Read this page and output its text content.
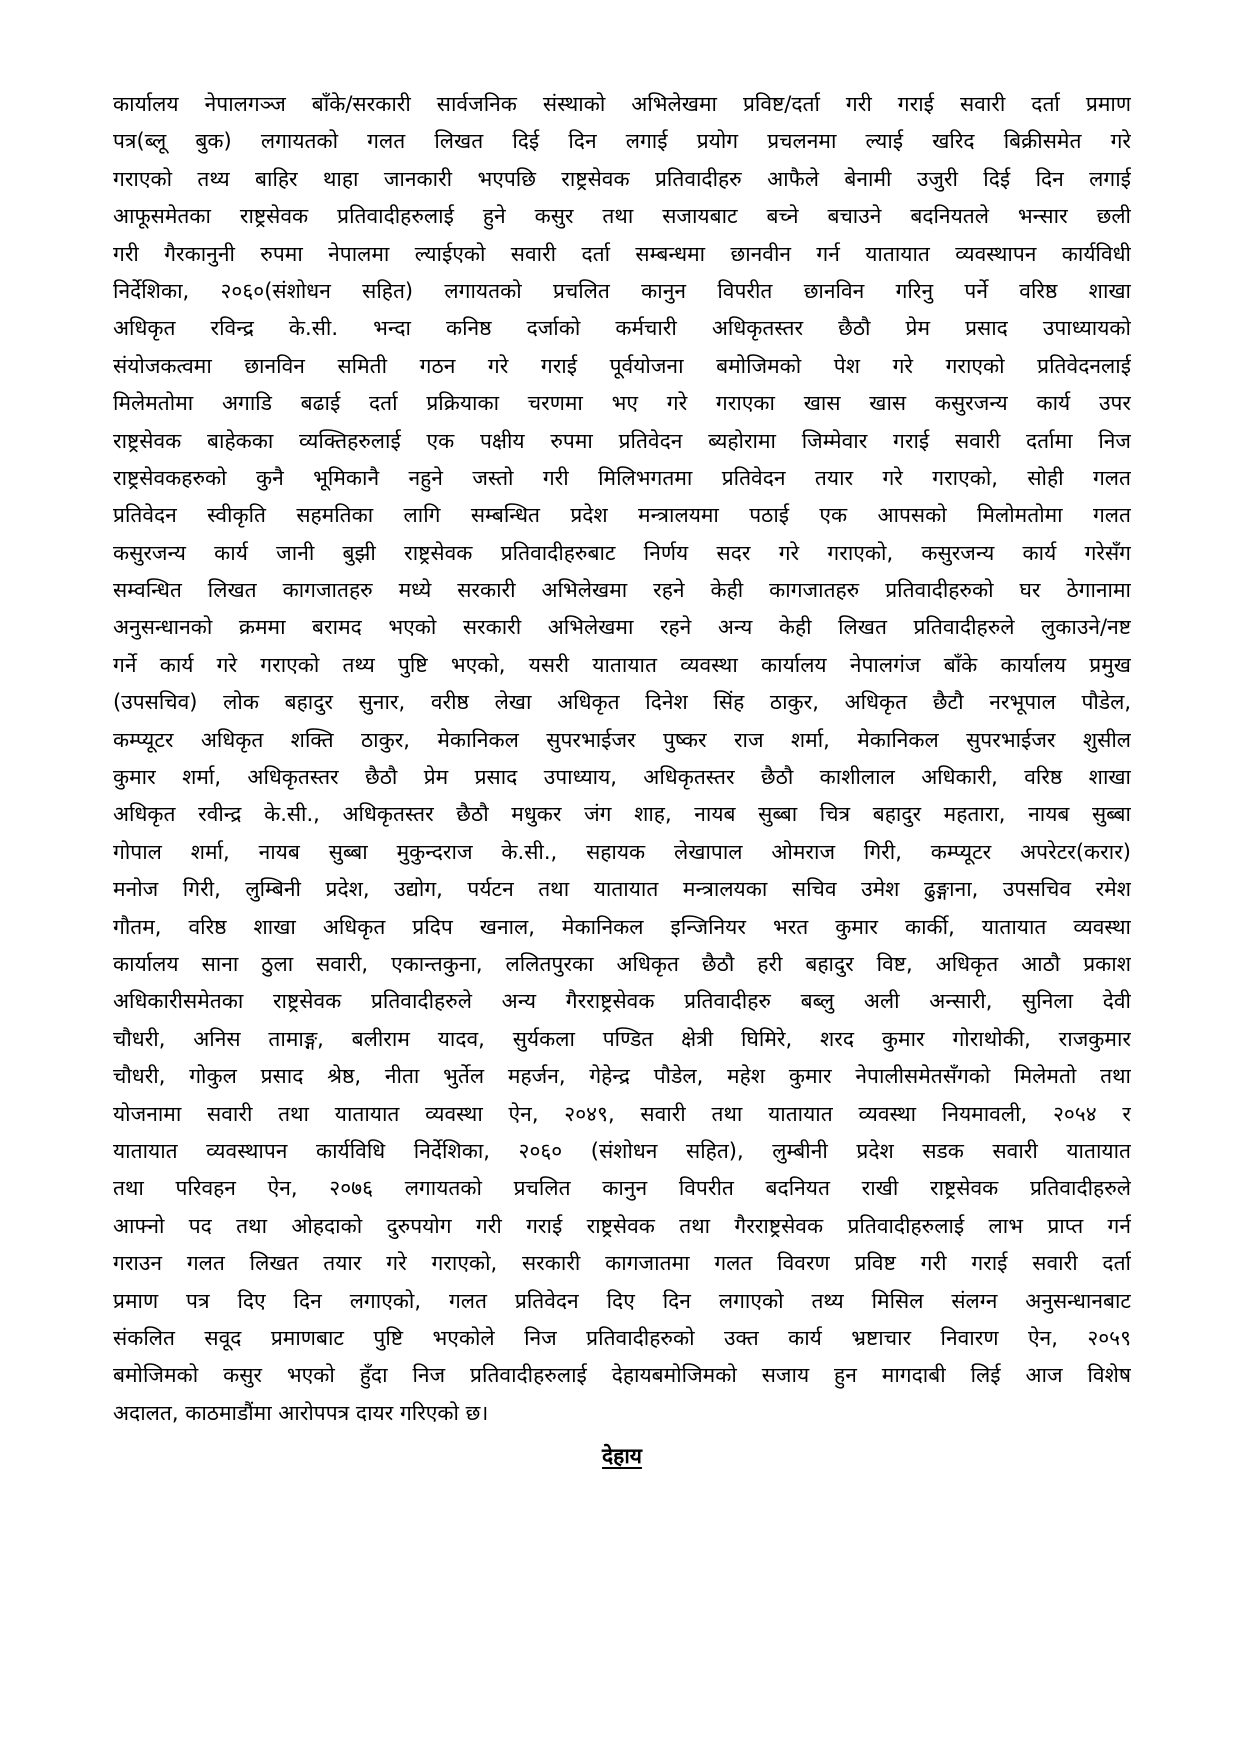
कार्यालय नेपालगञ्ज बाँके/सरकारी सार्वजनिक संस्थाको अभिलेखमा प्रविष्ट/दर्ता गरी गराई सवारी दर्ता प्रमाण
पत्र(ब्लू बुक) लगायतको गलत लिखत दिई दिन लगाई प्रयोग प्रचलनमा ल्याई खरिद बिक्रीसमेत गरे
गराएको तथ्य बाहिर थाहा जानकारी भएपछि राष्ट्रसेवक प्रतिवादीहरु आफैले बेनामी उजुरी दिई दिन लगाई
आफूसमेतका राष्ट्रसेवक प्रतिवादीहरुलाई हुने कसुर तथा सजायबाट बच्ने बचाउने बदनियतले भन्सार छली
गरी गैरकानुनी रुपमा नेपालमा ल्याईएको सवारी दर्ता सम्बन्धमा छानवीन गर्न यातायात व्यवस्थापन कार्यविधी
निर्देशिका, २०६०(संशोधन सहित) लगायतको प्रचलित कानुन विपरीत छानविन गरिनु पर्ने वरिष्ठ शाखा
अधिकृत रविन्द्र के.सी. भन्दा कनिष्ठ दर्जाको कर्मचारी अधिकृतस्तर छैठौ प्रेम प्रसाद उपाध्यायको
संयोजकत्वमा छानविन समिती गठन गरे गराई पूर्वयोजना बमोजिमको पेश गरे गराएको प्रतिवेदनलाई
मिलेमतोमा अगाडि बढाई दर्ता प्रक्रियाका चरणमा भए गरे गराएका खास खास कसुरजन्य कार्य उपर
राष्ट्रसेवक बाहेकका व्यक्तिहरुलाई एक पक्षीय रुपमा प्रतिवेदन ब्यहोरामा जिम्मेवार गराई सवारी दर्तामा निज
राष्ट्रसेवकहरुको कुनै भूमिकानै नहुने जस्तो गरी मिलिभगतमा प्रतिवेदन तयार गरे गराएको, सोही गलत
प्रतिवेदन स्वीकृति सहमतिका लागि सम्बन्धित प्रदेश मन्त्रालयमा पठाई एक आपसको मिलोमतोमा गलत
कसुरजन्य कार्य जानी बुझी राष्ट्रसेवक प्रतिवादीहरुबाट निर्णय सदर गरे गराएको, कसुरजन्य कार्य गरेसँग
सम्वन्धित लिखत कागजातहरु मध्ये सरकारी अभिलेखमा रहने केही कागजातहरु प्रतिवादीहरुको घर ठेगानामा
अनुसन्धानको क्रममा बरामद भएको सरकारी अभिलेखमा रहने अन्य केही लिखत प्रतिवादीहरुले लुकाउने/नष्ट
गर्ने कार्य गरे गराएको तथ्य पुष्टि भएको, यसरी यातायात व्यवस्था कार्यालय नेपालगंज बाँके कार्यालय प्रमुख
(उपसचिव) लोक बहादुर सुनार, वरीष्ठ लेखा अधिकृत दिनेश सिंह ठाकुर, अधिकृत छैटौ नरभूपाल पौडेल,
कम्प्यूटर अधिकृत शक्ति ठाकुर, मेकानिकल सुपरभाईजर पुष्कर राज शर्मा, मेकानिकल सुपरभाईजर शुसील
कुमार शर्मा, अधिकृतस्तर छैठौ प्रेम प्रसाद उपाध्याय, अधिकृतस्तर छैठौ काशीलाल अधिकारी, वरिष्ठ शाखा
अधिकृत रवीन्द्र के.सी., अधिकृतस्तर छैठौ मधुकर जंग शाह, नायब सुब्बा चित्र बहादुर महतारा, नायब सुब्बा
गोपाल शर्मा, नायब सुब्बा मुकुन्दराज के.सी., सहायक लेखापाल ओमराज गिरी, कम्प्यूटर अपरेटर(करार)
मनोज गिरी, लुम्बिनी प्रदेश, उद्योग, पर्यटन तथा यातायात मन्त्रालयका सचिव उमेश ढुङ्गाना, उपसचिव रमेश
गौतम, वरिष्ठ शाखा अधिकृत प्रदिप खनाल, मेकानिकल इन्जिनियर भरत कुमार कार्की, यातायात व्यवस्था
कार्यालय साना ठुला सवारी, एकान्तकुना, ललितपुरका अधिकृत छैठौ हरी बहादुर विष्ट, अधिकृत आठौ प्रकाश
अधिकारीसमेतका राष्ट्रसेवक प्रतिवादीहरुले अन्य गैरराष्ट्रसेवक प्रतिवादीहरु बब्लु अली अन्सारी, सुनिला देवी
चौधरी, अनिस तामाङ्ग, बलीराम यादव, सुर्यकला पण्डित क्षेत्री घिमिरे, शरद कुमार गोराथोकी, राजकुमार
चौधरी, गोकुल प्रसाद श्रेष्ठ, नीता भुर्तेल महर्जन, गेहेन्द्र पौडेल, महेश कुमार नेपालीसमेतसँगको मिलेमतो तथा
योजनामा सवारी तथा यातायात व्यवस्था ऐन, २०४९, सवारी तथा यातायात व्यवस्था नियमावली, २०५४ र
यातायात व्यवस्थापन कार्यविधि निर्देशिका, २०६० (संशोधन सहित), लुम्बीनी प्रदेश सडक सवारी यातायात
तथा परिवहन ऐन, २०७६ लगायतको प्रचलित कानुन विपरीत बदनियत राखी राष्ट्रसेवक प्रतिवादीहरुले
आफ्नो पद तथा ओहदाको दुरुपयोग गरी गराई राष्ट्रसेवक तथा गैरराष्ट्रसेवक प्रतिवादीहरुलाई लाभ प्राप्त गर्न
गराउन गलत लिखत तयार गरे गराएको, सरकारी कागजातमा गलत विवरण प्रविष्ट गरी गराई सवारी दर्ता
प्रमाण पत्र दिए दिन लगाएको, गलत प्रतिवेदन दिए दिन लगाएको तथ्य मिसिल संलग्न अनुसन्धानबाट
संकलित सवूद प्रमाणबाट पुष्टि भएकोले निज प्रतिवादीहरुको उक्त कार्य भ्रष्टाचार निवारण ऐन, २०५९
बमोजिमको कसुर भएको हुँदा निज प्रतिवादीहरुलाई देहायबमोजिमको सजाय हुन मागदाबी लिई आज विशेष
अदालत, काठमाडौंमा आरोपपत्र दायर गरिएको छ।
देहाय
